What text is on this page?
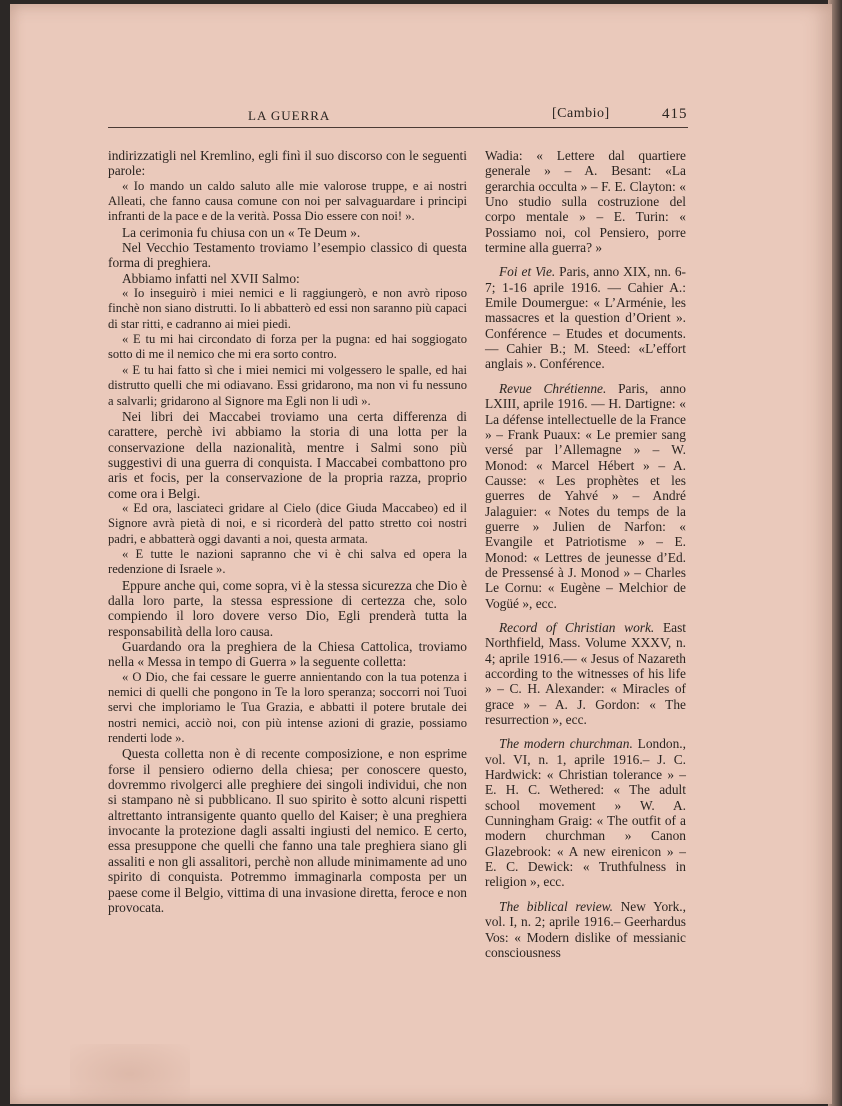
LA GUERRA	[Cambio]	415

indirizzatigli nel Kremlino, egli finì il suo discorso con le seguenti parole:

« Io mando un caldo saluto alle mie valorose truppe, e ai nostri Alleati, che fanno causa comune con noi per salvaguardare i principi infranti de la pace e de la verità. Possa Dio essere con noi! ».

La cerimonia fu chiusa con un « Te Deum ».

Nel Vecchio Testamento troviamo l’esempio classico di questa forma di preghiera.

Abbiamo infatti nel XVII Salmo:

« Io inseguirò i miei nemici e li raggiungerò, e non avrò riposo finchè non siano distrutti. Io li abbatterò ed essi non saranno più capaci di star ritti, e cadranno ai miei piedi.

« E tu mi hai circondato di forza per la pugna: ed hai soggiogato sotto di me il nemico che mi era sorto contro.

« E tu hai fatto sì che i miei nemici mi volgessero le spalle, ed hai distrutto quelli che mi odiavano. Essi gridarono, ma non vi fu nessuno a salvarli; gridarono al Signore ma Egli non li udì ».

Nei libri dei Maccabei troviamo una certa differenza di carattere, perchè ivi abbiamo la storia di una lotta per la conservazione della nazionalità, mentre i Salmi sono più suggestivi di una guerra di conquista. I Maccabei combattono pro aris et focis, per la conservazione de la propria razza, proprio come ora i Belgi.

« Ed ora, lasciateci gridare al Cielo (dice Giuda Maccabeo) ed il Signore avrà pietà di noi, e si ricorderà del patto stretto coi nostri padri, e abbatterà oggi davanti a noi, questa armata.

« E tutte le nazioni sapranno che vi è chi salva ed opera la redenzione di Israele ».

Eppure anche qui, come sopra, vi è la stessa sicurezza che Dio è dalla loro parte, la stessa espressione di certezza che, solo compiendo il loro dovere verso Dio, Egli prenderà tutta la responsabilità della loro causa.

Guardando ora la preghiera de la Chiesa Cattolica, troviamo nella « Messa in tempo di Guerra » la seguente colletta:

« O Dio, che fai cessare le guerre annientando con la tua potenza i nemici di quelli che pongono in Te la loro speranza; soccorri noi Tuoi servi che imploriamo le Tua Grazia, e abbatti il potere brutale dei nostri nemici, acciò noi, con più intense azioni di grazie, possiamo renderti lode ».

Questa colletta non è di recente composizione, e non esprime forse il pensiero odierno della chiesa; per conoscere questo, dovremmo rivolgerci alle preghiere dei singoli individui, che non si stampano nè si pubblicano. Il suo spirito è sotto alcuni rispetti altrettanto intransigente quanto quello del Kaiser; è una preghiera invocante la protezione dagli assalti ingiusti del nemico. E certo, essa presuppone che quelli che fanno una tale preghiera siano gli assaliti e non gli assalitori, perchè non allude minimamente ad uno spirito di conquista. Potremmo immaginarla composta per un paese come il Belgio, vittima di una invasione diretta, feroce e non provocata.

Wadia: « Lettere dal quartiere generale » – A. Besant: «La gerarchia occulta » – F. E. Clayton: « Uno studio sulla costruzione del corpo mentale » – E. Turin: « Possiamo noi, col Pensiero, porre termine alla guerra? »
Foi et Vie. Paris, anno XIX, nn. 6-7; 1-16 aprile 1916. — Cahier A.: Emile Doumergue: « L’Arménie, les massacres et la question d’Orient ». Conférence – Etudes et documents. — Cahier B.; M. Steed: «L’effort anglais ». Conférence.
Revue Chrétienne. Paris, anno LXIII, aprile 1916. — H. Dartigne: « La défense intellectuelle de la France » – Frank Puaux: « Le premier sang versé par l’Allemagne » – W. Monod: « Marcel Hébert » – A. Causse: « Les prophètes et les guerres de Yahvé » – André Jalaguier: « Notes du temps de la guerre » Julien de Narfon: « Evangile et Patriotisme » – E. Monod: « Lettres de jeunesse d’Ed. de Pressensé à J. Monod » – Charles Le Cornu: « Eugène – Melchior de Vogüé », ecc.
Record of Christian work. East Northfield, Mass. Volume XXXV, n. 4; aprile 1916.— « Jesus of Nazareth according to the witnesses of his life » – C. H. Alexander: « Miracles of grace » – A. J. Gordon: « The resurrection », ecc.
The modern churchman. London., vol. VI, n. 1, aprile 1916.– J. C. Hardwick: « Christian tolerance » – E. H. C. Wethered: « The adult school movement » W. A. Cunningham Graig: « The outfit of a modern churchman » Canon Glazebrook: « A new eirenicon » – E. C. Dewick: « Truthfulness in religion », ecc.
The biblical review. New York., vol. I, n. 2; aprile 1916.– Geerhardus Vos: « Modern dislike of messianic consciousness
